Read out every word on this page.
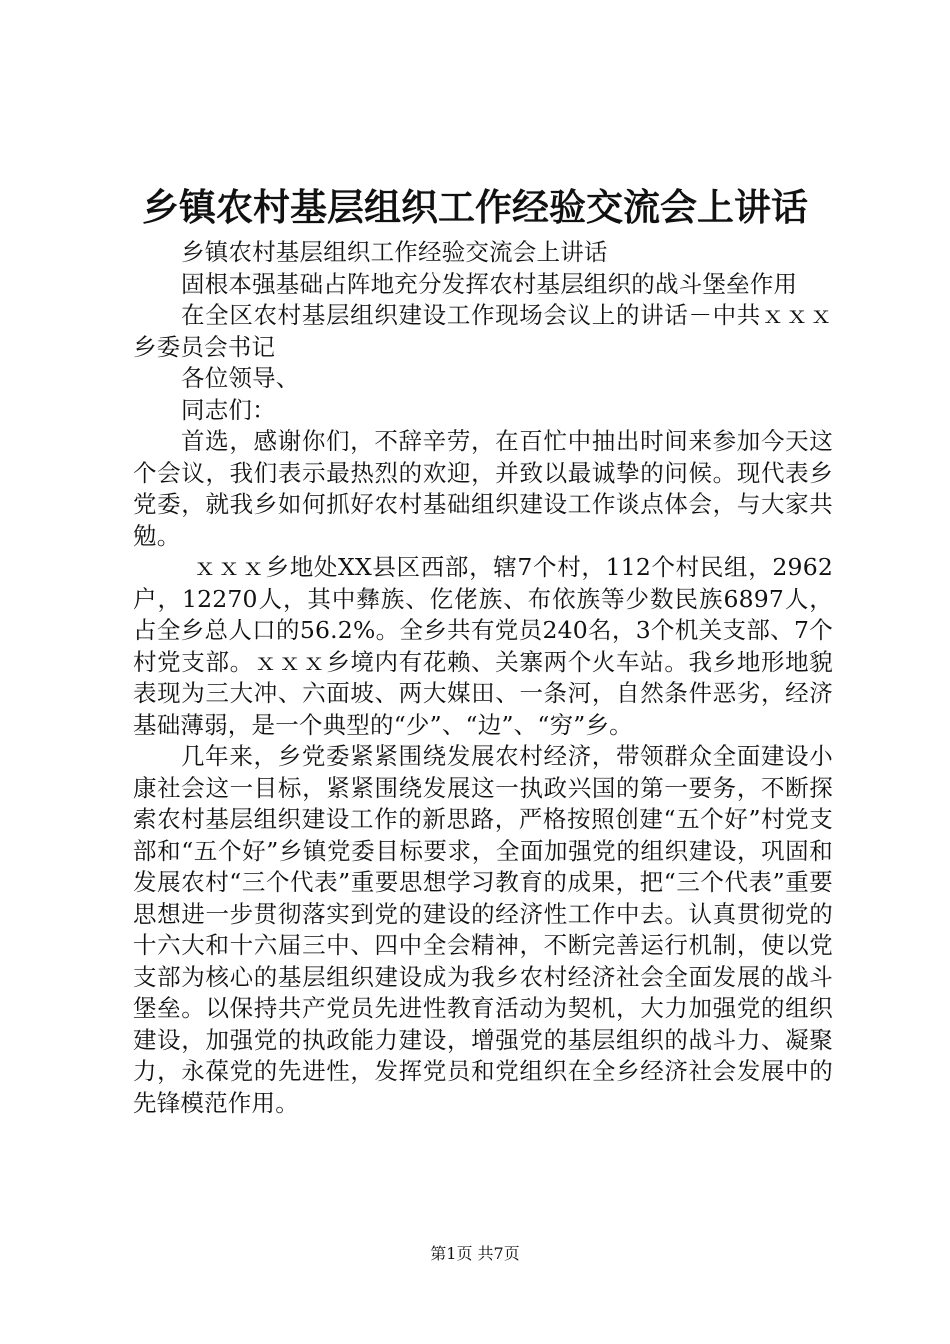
乡镇农村基层组织工作经验交流会上讲话

乡镇农村基层组织工作经验交流会上讲话

固根本强基础占阵地充分发挥农村基层组织的战斗堡垒作用

在全区农村基层组织建设工作现场会议上的讲话－中共ｘｘｘ乡委员会书记

各位领导、

同志们：

首选，感谢你们，不辞辛劳，在百忙中抽出时间来参加今天这个会议，我们表示最热烈的欢迎，并致以最诚挚的问候。现代表乡党委，就我乡如何抓好农村基础组织建设工作谈点体会，与大家共勉。

ｘｘｘ乡地处XX县区西部，辖7个村，112个村民组，2962户，12270人，其中彝族、仡佬族、布依族等少数民族6897人，占全乡总人口的56.2%。全乡共有党员240名，3个机关支部、7个村党支部。ｘｘｘ乡境内有花赖、关寨两个火车站。我乡地形地貌表现为三大冲、六面坡、两大媒田、一条河，自然条件恶劣，经济基础薄弱，是一个典型的“少”、“边”、“穷”乡。

几年来，乡党委紧紧围绕发展农村经济，带领群众全面建设小康社会这一目标，紧紧围绕发展这一执政兴国的第一要务，不断探索农村基层组织建设工作的新思路，严格按照创建“五个好”村党支部和“五个好”乡镇党委目标要求，全面加强党的组织建设，巩固和发展农村“三个代表”重要思想学习教育的成果，把“三个代表”重要思想进一步贯彻落实到党的建设的经济性工作中去。认真贯彻党的十六大和十六届三中、四中全会精神，不断完善运行机制，使以党支部为核心的基层组织建设成为我乡农村经济社会全面发展的战斗堡垒。以保持共产党员先进性教育活动为契机，大力加强党的组织建设，加强党的执政能力建设，增强党的基层组织的战斗力、凝聚力，永葆党的先进性，发挥党员和党组织在全乡经济社会发展中的先锋模范作用。

第1页 共7页
